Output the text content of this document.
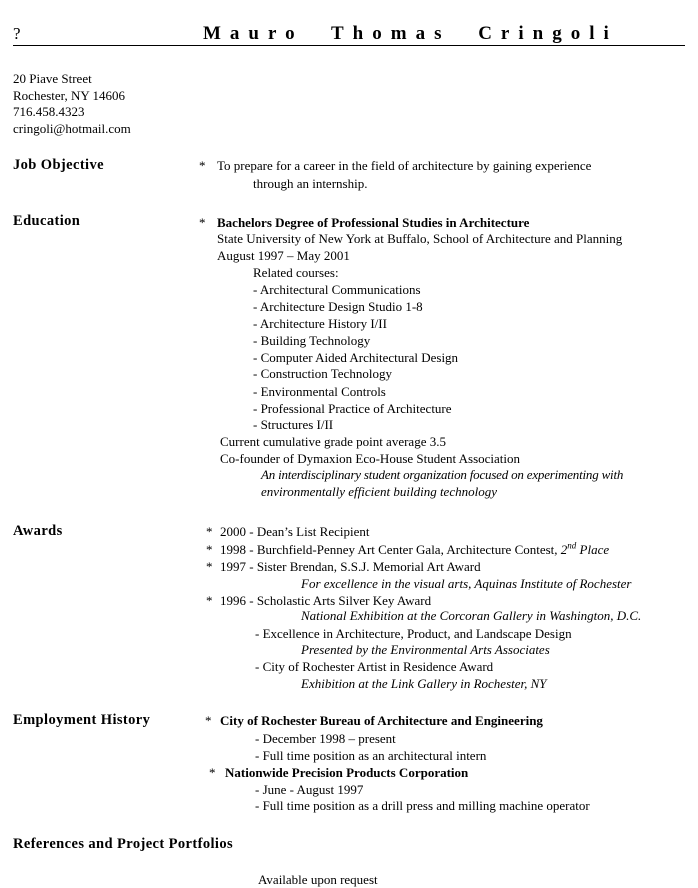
?	Mauro Thomas Cringoli
20 Piave Street
Rochester, NY 14606
716.458.4323
cringoli@hotmail.com
Job Objective	* To prepare for a career in the field of architecture by gaining experience
through an internship.
Education	* Bachelors Degree of Professional Studies in Architecture
State University of New York at Buffalo, School of Architecture and Planning
August 1997 – May 2001
Related courses:
- Architectural Communications
- Architecture Design Studio 1-8
- Architecture History I/II
- Building Technology
- Computer Aided Architectural Design
- Construction Technology
- Environmental Controls
- Professional Practice of Architecture
- Structures I/II
Current cumulative grade point average 3.5
Co-founder of Dymaxion Eco-House Student Association
An interdisciplinary student organization focused on experimenting with
environmentally efficient building technology
Awards	* 2000 - Dean’s List Recipient
* 1998 - Burchfield-Penney Art Center Gala, Architecture Contest, 2nd Place
* 1997 - Sister Brendan, S.S.J. Memorial Art Award
For excellence in the visual arts, Aquinas Institute of Rochester
* 1996 - Scholastic Arts Silver Key Award
National Exhibition at the Corcoran Gallery in Washington, D.C.
- Excellence in Architecture, Product, and Landscape Design
Presented by the Environmental Arts Associates
- City of Rochester Artist in Residence Award
Exhibition at the Link Gallery in Rochester, NY
Employment History	* City of Rochester Bureau of Architecture and Engineering
- December 1998 – present
- Full time position as an architectural intern
* Nationwide Precision Products Corporation
- June - August 1997
- Full time position as a drill press and milling machine operator
References and Project Portfolios
Available upon request
